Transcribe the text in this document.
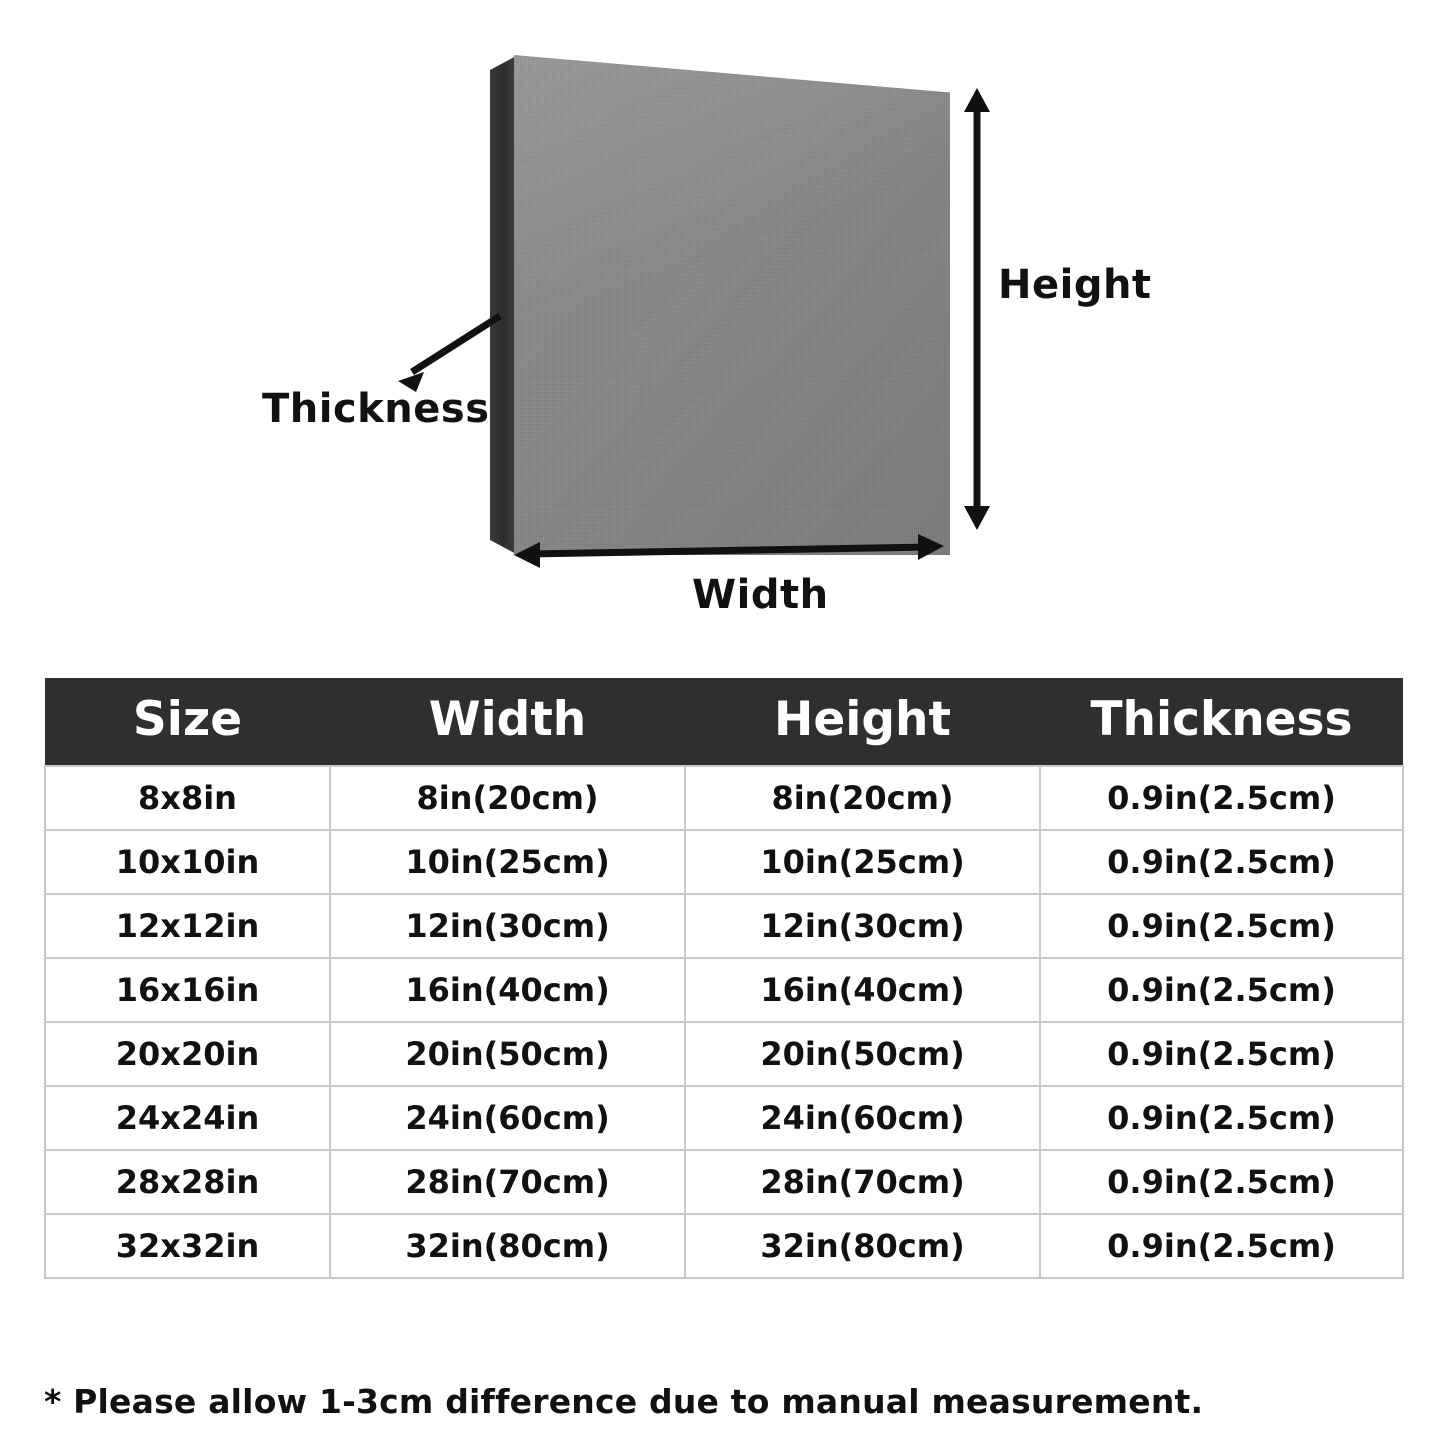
Height
Width
Thickness
Size	Width	Height	Thickness
8x8in	8in(20cm)	8in(20cm)	0.9in(2.5cm)
10x10in	10in(25cm)	10in(25cm)	0.9in(2.5cm)
12x12in	12in(30cm)	12in(30cm)	0.9in(2.5cm)
16x16in	16in(40cm)	16in(40cm)	0.9in(2.5cm)
20x20in	20in(50cm)	20in(50cm)	0.9in(2.5cm)
24x24in	24in(60cm)	24in(60cm)	0.9in(2.5cm)
28x28in	28in(70cm)	28in(70cm)	0.9in(2.5cm)
32x32in	32in(80cm)	32in(80cm)	0.9in(2.5cm)
* Please allow 1-3cm difference due to manual measurement.
